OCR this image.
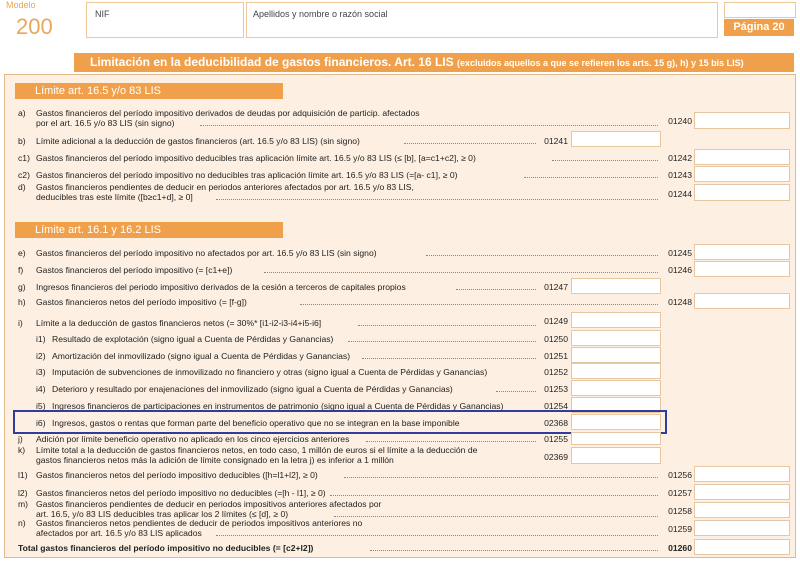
Modelo
200	NIF	Apellidos y nombre o razón social
Página 20
Limitación en la deducibilidad de gastos financieros. Art. 16 LIS (excluidos aquellos a que se refieren los arts. 15 g), h) y 15 bis LIS)
Límite art. 16.5 y/o 83 LIS
a) Gastos financieros del período impositivo derivados de deudas por adquisición de particip. afectados
por el art. 16.5 y/o 83 LIS (sin signo)	01240
b) Límite adicional a la deducción de gastos financieros (art. 16.5 y/o 83 LIS) (sin signo)	01241
c1) Gastos financieros del período impositivo deducibles tras aplicación límite art. 16.5 y/o 83 LIS (≤ [b], [a=c1+c2], ≥ 0)	01242
c2) Gastos financieros del período impositivo no deducibles tras aplicación límite art. 16.5 y/o 83 LIS (=[a- c1], ≥ 0)	01243
d) Gastos financieros pendientes de deducir en periodos anteriores afectados por art. 16.5 y/o 83 LIS,
deducibles tras este límite ([b≥c1+d], ≥ 0]	01244
Límite art. 16.1 y 16.2 LIS
e) Gastos financieros del período impositivo no afectados por art. 16.5 y/o 83 LIS (sin signo)	01245
f) Gastos financieros del período impositivo (= [c1+e])	01246
g) Ingresos financieros del periodo impositivo derivados de la cesión a terceros de capitales propios	01247
h) Gastos financieros netos del período impositivo (= [f-g])	01248
i) Límite a la deducción de gastos financieros netos (= 30%* [i1-i2-i3-i4+i5-i6]	01249
i1) Resultado de explotación (signo igual a Cuenta de Pérdidas y Ganancias)	01250
i2) Amortización del inmovilizado (signo igual a Cuenta de Pérdidas y Ganancias)	01251
i3) Imputación de subvenciones de inmovilizado no financiero y otras (signo igual a Cuenta de Pérdidas y Ganancias)	01252
i4) Deterioro y resultado por enajenaciones del inmovilizado (signo igual a Cuenta de Pérdidas y Ganancias)	01253
i5) Ingresos financieros de participaciones en instrumentos de patrimonio (signo igual a Cuenta de Pérdidas y Ganancias)	01254
i6) Ingresos, gastos o rentas que forman parte del beneficio operativo que no se integran en la base imponible	02368
j) Adición por límite beneficio operativo no aplicado en los cinco ejercicios anteriores	01255
k) Límite total a la deducción de gastos financieros netos, en todo caso, 1 millón de euros si el límite a la deducción de
gastos financieros netos más la adición de límite consignado en la letra j) es inferior a 1 millón	02369
l1) Gastos financieros netos del período impositivo deducibles ([h=l1+l2], ≥ 0)	01256
l2) Gastos financieros netos del período impositivo no deducibles (=[h - l1], ≥ 0)	01257
m) Gastos financieros pendientes de deducir en periodos impositivos anteriores afectados por
art. 16.5, y/o 83 LIS deducibles tras aplicar los 2 límites (≤ [d], ≥ 0)	01258
n) Gastos financieros netos pendientes de deducir de periodos impositivos anteriores no
afectados por art. 16.5 y/o 83 LIS aplicados	01259
Total gastos financieros del período impositivo no deducibles (= [c2+l2])	01260
